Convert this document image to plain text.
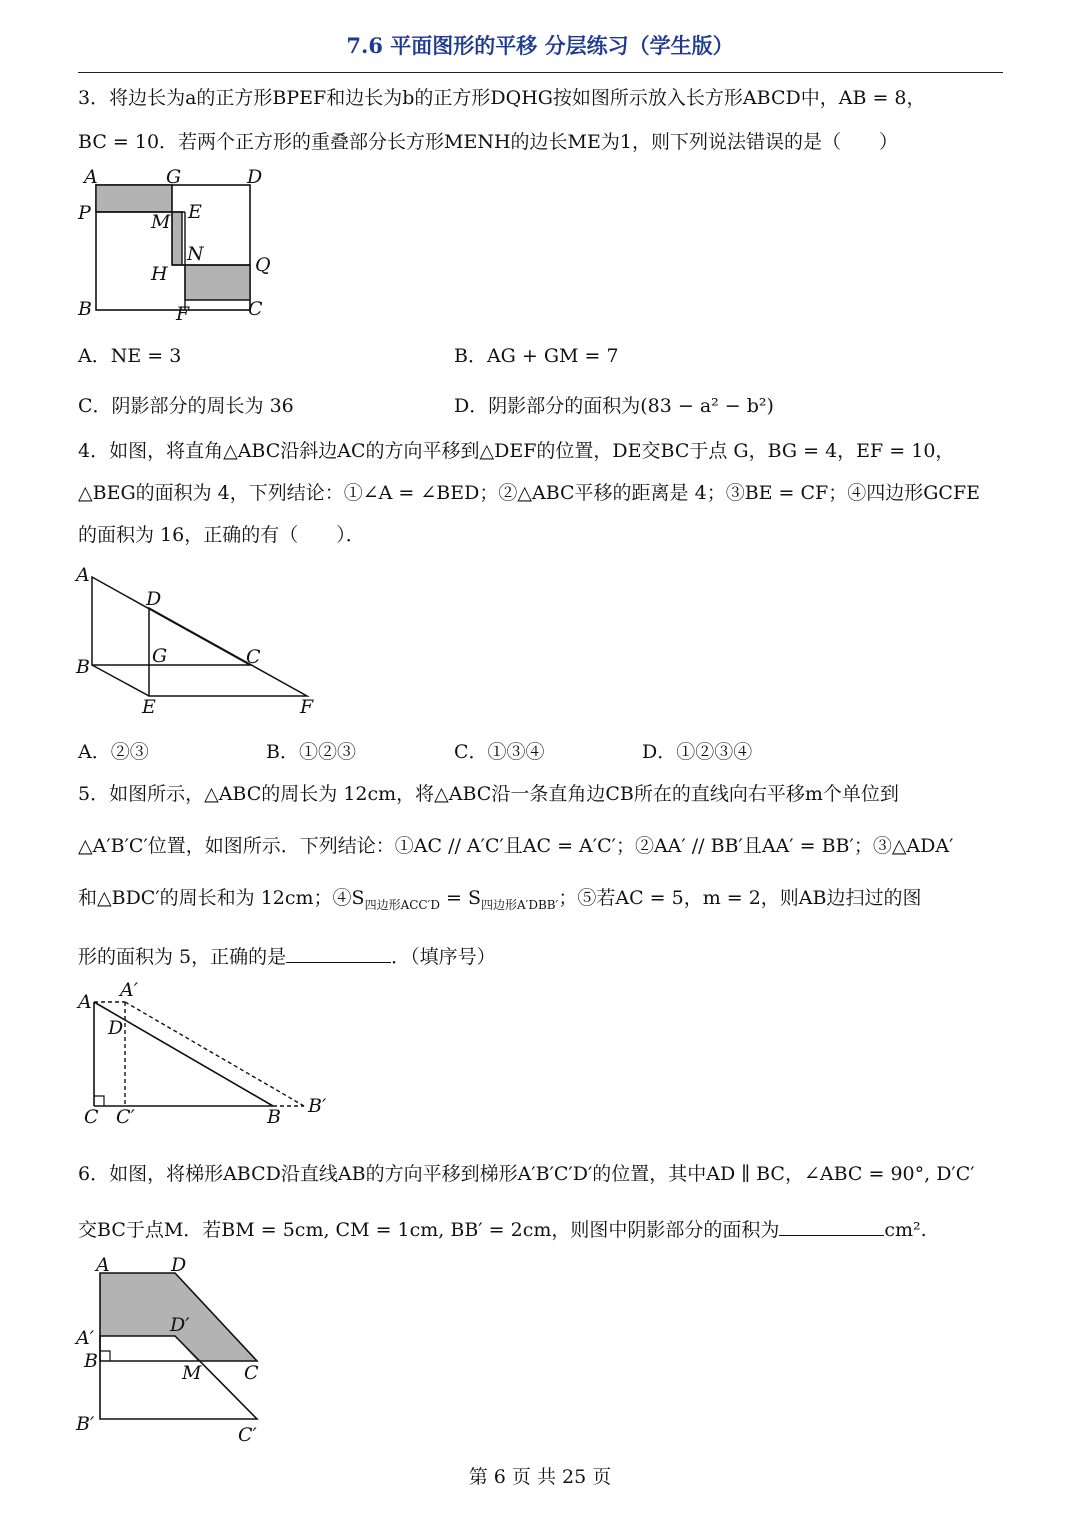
7.6 平面图形的平移 分层练习（学生版）
3．将边长为a的正方形BPEF和边长为b的正方形DQHG按如图所示放入长方形ABCD中，AB = 8，
BC = 10．若两个正方形的重叠部分长方形MENH的边长ME为1，则下列说法错误的是（　　）
A	G	D
P	M E
N	Q
H
B	F	C
A．NE = 3	B．AG + GM = 7
C．阴影部分的周长为 36	D．阴影部分的面积为(83 − a² − b²)
4．如图，将直角△ABC沿斜边AC的方向平移到△DEF的位置，DE交BC于点 G，BG = 4，EF = 10，
△BEG的面积为 4，下列结论：①∠A = ∠BED；②△ABC平移的距离是 4；③BE = CF；④四边形GCFE
的面积为 16，正确的有（　　）．
A
D
B	G	C
E	F
A．②③	B．①②③	C．①③④	D．①②③④
5．如图所示，△ABC的周长为 12cm，将△ABC沿一条直角边CB所在的直线向右平移m个单位到
△A′B′C′位置，如图所示．下列结论：①AC // A′C′且AC = A′C′；②AA′ // BB′且AA′ = BB′；③△ADA′
和△BDC′的周长和为 12cm；$④S_{四边形ACC'D} = S_{四边形A'DBB'}$；⑤若AC = 5，m = 2，则AB边扫过的图
形的面积为 5，正确的是	．（填序号）
A
A′
D
C C′	B B′
6．如图，将梯形ABCD沿直线AB的方向平移到梯形A′B′C′D′的位置，其中AD ∥ BC，∠ABC = 90°, D′C′
交BC于点M．若BM = 5cm, CM = 1cm, BB′ = 2cm，则图中阴影部分的面积为	cm².
A	D
A′
D′
B
M C
B′	C′
第 6 页 共 25 页
